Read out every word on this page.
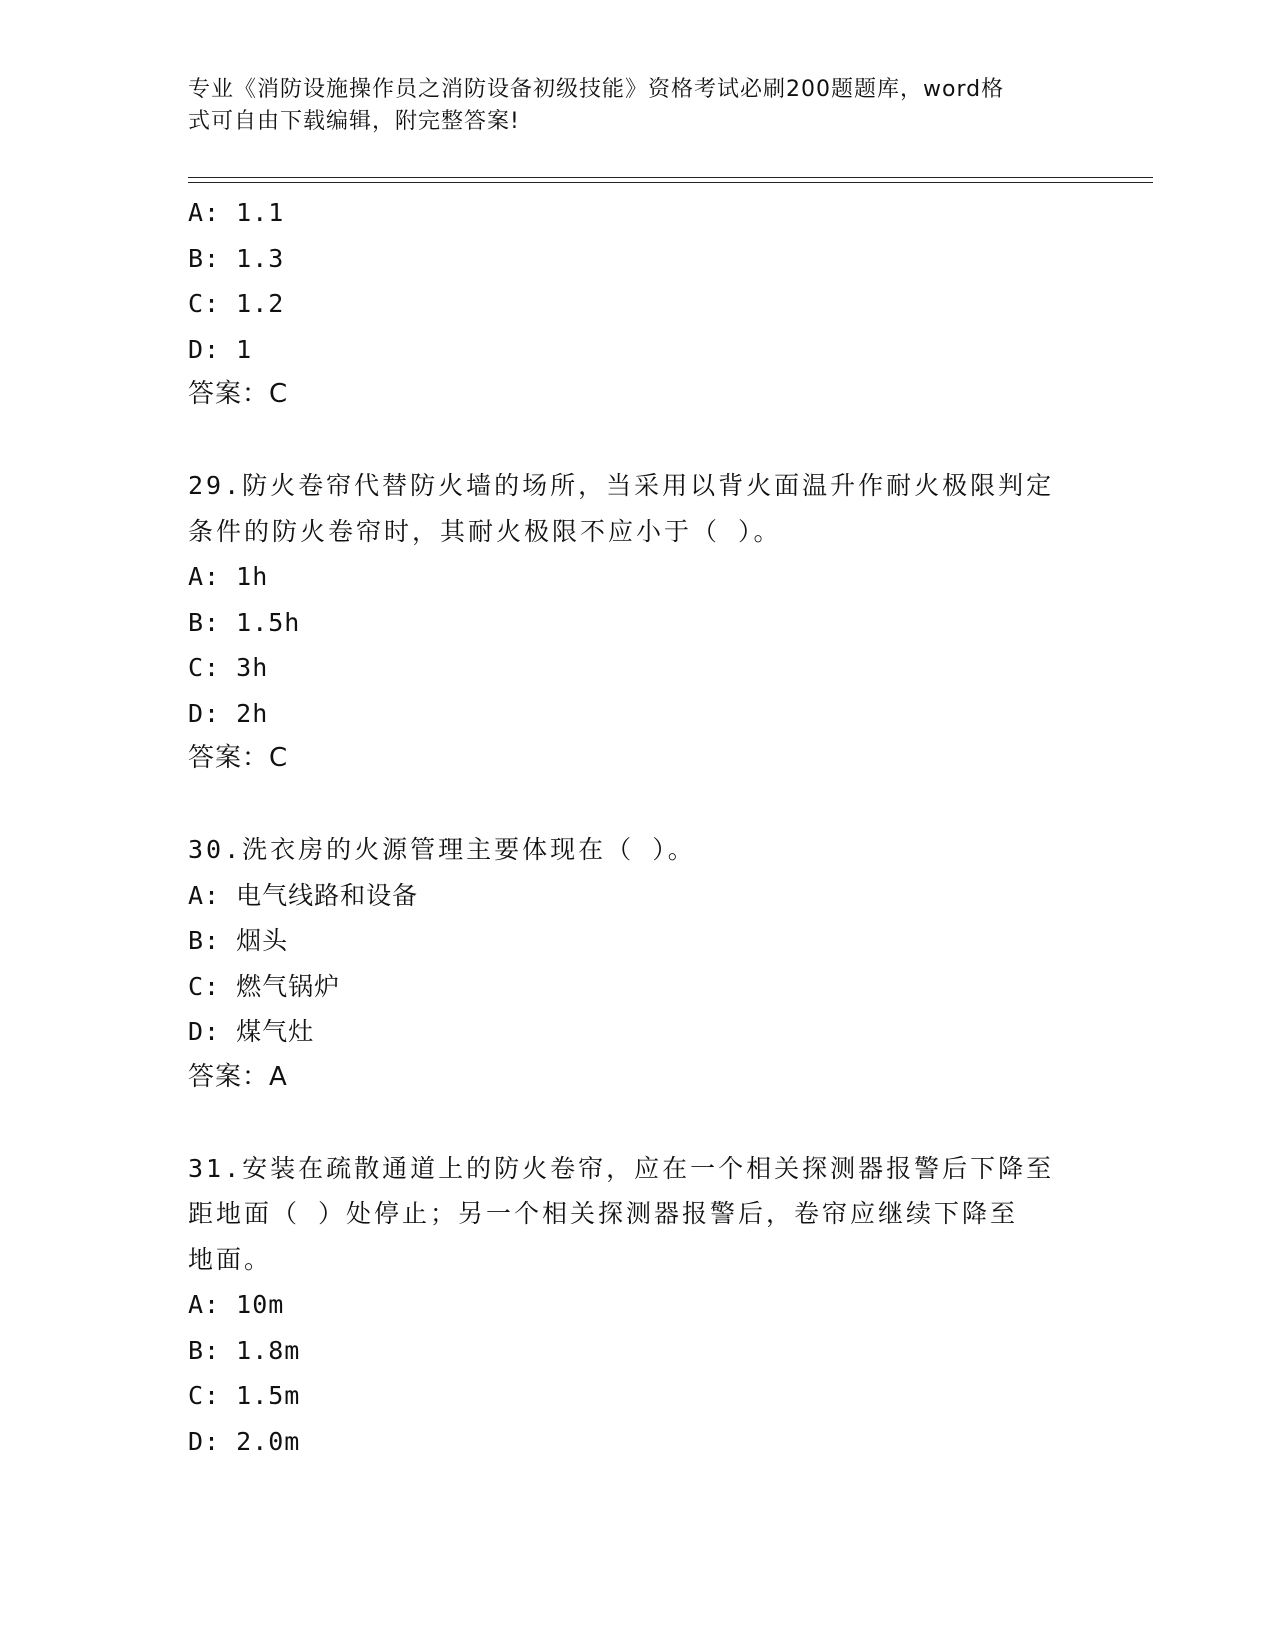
专业《消防设施操作员之消防设备初级技能》资格考试必刷200题题库，word格
式可自由下载编辑，附完整答案!
A: 1.1
B: 1.3
C: 1.2
D: 1
答案：C
29.防火卷帘代替防火墙的场所，当采用以背火面温升作耐火极限判定
条件的防火卷帘时，其耐火极限不应小于（ ）。
A: 1h
B: 1.5h
C: 3h
D: 2h
答案：C
30.洗衣房的火源管理主要体现在（ ）。
A: 电气线路和设备
B: 烟头
C: 燃气锅炉
D: 煤气灶
答案：A
31.安装在疏散通道上的防火卷帘，应在一个相关探测器报警后下降至
距地面（ ）处停止；另一个相关探测器报警后，卷帘应继续下降至
地面。
A: 10m
B: 1.8m
C: 1.5m
D: 2.0m
